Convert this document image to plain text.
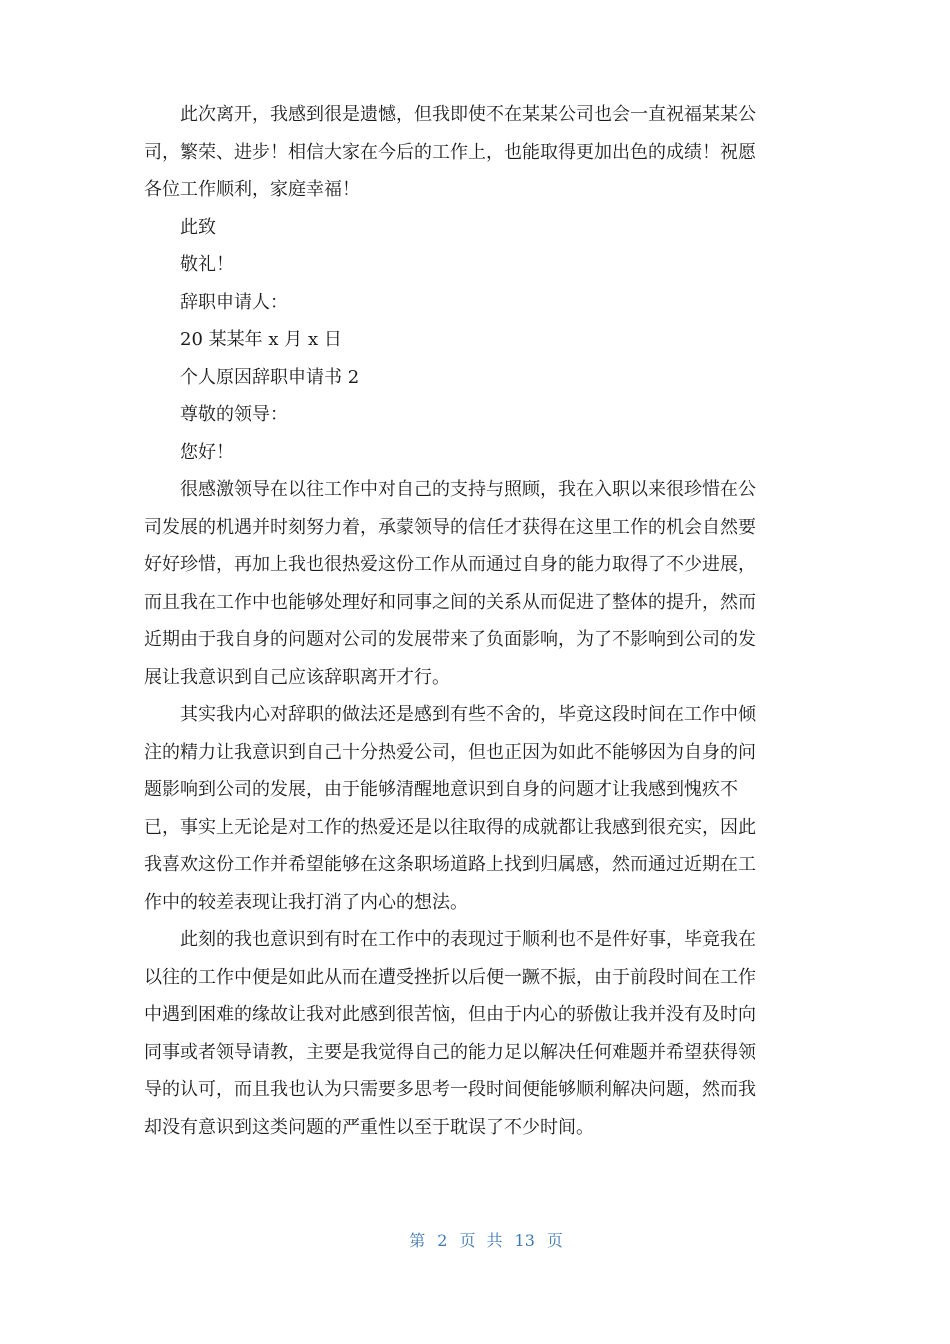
此次离开，我感到很是遗憾，但我即使不在某某公司也会一直祝福某某公
司，繁荣、进步！相信大家在今后的工作上，也能取得更加出色的成绩！祝愿
各位工作顺利，家庭幸福！
此致
敬礼！
辞职申请人：
20 某某年 x 月 x 日
个人原因辞职申请书 2
尊敬的领导：
您好！
很感激领导在以往工作中对自己的支持与照顾，我在入职以来很珍惜在公
司发展的机遇并时刻努力着，承蒙领导的信任才获得在这里工作的机会自然要
好好珍惜，再加上我也很热爱这份工作从而通过自身的能力取得了不少进展，
而且我在工作中也能够处理好和同事之间的关系从而促进了整体的提升，然而
近期由于我自身的问题对公司的发展带来了负面影响，为了不影响到公司的发
展让我意识到自己应该辞职离开才行。
其实我内心对辞职的做法还是感到有些不舍的，毕竟这段时间在工作中倾
注的精力让我意识到自己十分热爱公司，但也正因为如此不能够因为自身的问
题影响到公司的发展，由于能够清醒地意识到自身的问题才让我感到愧疚不
已，事实上无论是对工作的热爱还是以往取得的成就都让我感到很充实，因此
我喜欢这份工作并希望能够在这条职场道路上找到归属感，然而通过近期在工
作中的较差表现让我打消了内心的想法。
此刻的我也意识到有时在工作中的表现过于顺利也不是件好事，毕竟我在
以往的工作中便是如此从而在遭受挫折以后便一蹶不振，由于前段时间在工作
中遇到困难的缘故让我对此感到很苦恼，但由于内心的骄傲让我并没有及时向
同事或者领导请教，主要是我觉得自己的能力足以解决任何难题并希望获得领
导的认可，而且我也认为只需要多思考一段时间便能够顺利解决问题，然而我
却没有意识到这类问题的严重性以至于耽误了不少时间。

第 2 页 共 13 页
